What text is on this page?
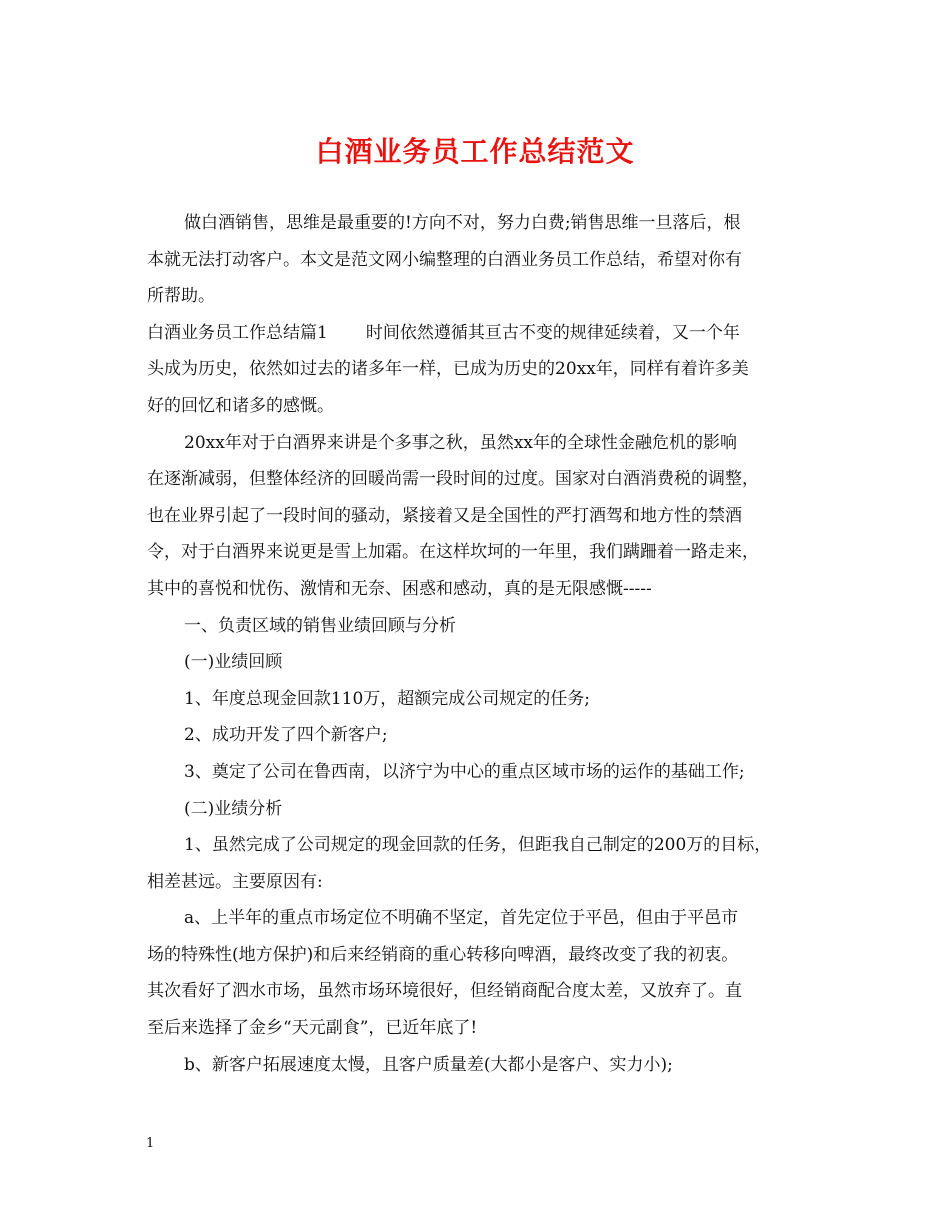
白酒业务员工作总结范文
做白酒销售，思维是最重要的!方向不对，努力白费;销售思维一旦落后，根
本就无法打动客户。本文是范文网小编整理的白酒业务员工作总结，希望对你有
所帮助。
白酒业务员工作总结篇1 时间依然遵循其亘古不变的规律延续着，又一个年
头成为历史，依然如过去的诸多年一样，已成为历史的20xx年，同样有着许多美
好的回忆和诸多的感慨。
20xx年对于白酒界来讲是个多事之秋，虽然xx年的全球性金融危机的影响
在逐渐减弱，但整体经济的回暖尚需一段时间的过度。国家对白酒消费税的调整，
也在业界引起了一段时间的骚动，紧接着又是全国性的严打酒驾和地方性的禁酒
令，对于白酒界来说更是雪上加霜。在这样坎坷的一年里，我们蹒跚着一路走来，
其中的喜悦和忧伤、激情和无奈、困惑和感动，真的是无限感慨-----
一、负责区域的销售业绩回顾与分析
(一)业绩回顾
1、年度总现金回款110万，超额完成公司规定的任务;
2、成功开发了四个新客户;
3、奠定了公司在鲁西南，以济宁为中心的重点区域市场的运作的基础工作;
(二)业绩分析
1、虽然完成了公司规定的现金回款的任务，但距我自己制定的200万的目标，
相差甚远。主要原因有:
a、上半年的重点市场定位不明确不坚定，首先定位于平邑，但由于平邑市
场的特殊性(地方保护)和后来经销商的重心转移向啤酒，最终改变了我的初衷。
其次看好了泗水市场，虽然市场环境很好，但经销商配合度太差，又放弃了。直
至后来选择了金乡“天元副食”，已近年底了!
b、新客户拓展速度太慢，且客户质量差(大都小是客户、实力小);
1
